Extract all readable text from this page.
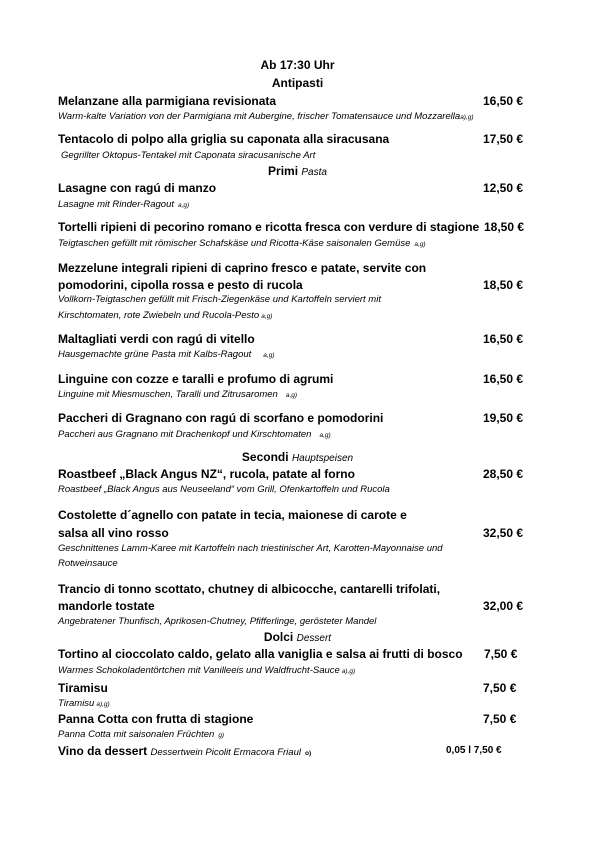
Ab 17:30 Uhr
Antipasti
Melanzane alla parmigiana revisionata	16,50 €
Warm-kalte Variation von der Parmigiana mit Aubergine, frischer Tomatensauce und Mozzarellaa),g)
Tentacolo di polpo alla griglia su caponata alla siracusana	17,50 €
Gegrillter Oktopus-Tentakel mit Caponata siracusanische Art
Primi Pasta
Lasagne con ragú di manzo	12,50 €
Lasagne mit Rinder-Ragout a,g)
Tortelli ripieni di pecorino romano e ricotta fresca con verdure di stagione 18,50 €
Teigtaschen gefüllt mit römischer Schafskäse und Ricotta-Käse saisonalen Gemüse a,g)
Mezzelune integrali ripieni di caprino fresco e patate, servite con
pomodorini, cipolla rossa e pesto di rucola	18,50 €
Vollkorn-Teigtaschen gefüllt mit Frisch-Ziegenkäse und Kartoffeln serviert mit
Kirschtomaten, rote Zwiebeln und Rucola-Pesto a,g)
Maltagliati verdi con ragú di vitello	16,50 €
Hausgemachte grüne Pasta mit Kalbs-Ragout a,g)
Linguine con cozze e taralli e profumo di agrumi	16,50 €
Linguine mit Miesmuschen, Taralli und Zitrusaromen a,g)
Paccheri di Gragnano con ragú di scorfano e pomodorini	19,50 €
Paccheri aus Gragnano mit Drachenkopf und Kirschtomaten a,g)
Secondi Hauptspeisen
Roastbeef „Black Angus NZ“, rucola, patate al forno	28,50 €
Roastbeef „Black Angus aus Neuseeland“ vom Grill, Ofenkartoffeln und Rucola
Costolette d´agnello con patate in tecia, maionese di carote e
salsa all vino rosso	32,50 €
Geschnittenes Lamm-Karee mit Kartoffeln nach triestinischer Art, Karotten-Mayonnaise und
Rotweinsauce
Trancio di tonno scottato, chutney di albicocche, cantarelli trifolati,
mandorle tostate	32,00 €
Angebratener Thunfisch, Aprikosen-Chutney, Pfifferlinge, gerösteter Mandel
Dolci Dessert
Tortino al cioccolato caldo, gelato alla vaniglia e salsa ai frutti di bosco 7,50 €
Warmes Schokoladentörtchen mit Vanilleeis und Waldfrucht-Sauce a),g)
Tiramisu	7,50 €
Tiramisu a),g)
Panna Cotta con frutta di stagione	7,50 €
Panna Cotta mit saisonalen Früchten g)
Vino da dessert Dessertwein Picolit Ermacora Friaul o)	0,05 l 7,50 €
